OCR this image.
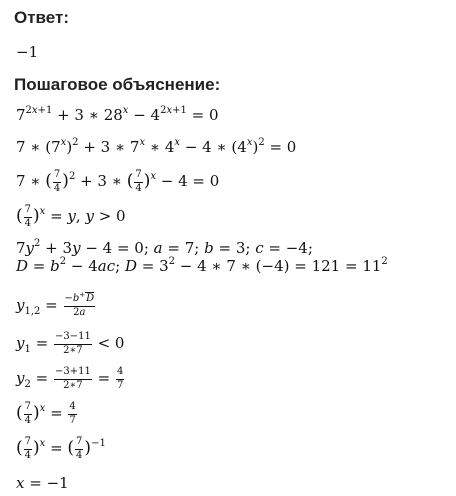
Ответ:
−1
Пошаговое объяснение:
$7^{2x+1} + 3$ ∗ $28^x - 4^{2x+1} = 0$
7 ∗ $(7^x)^2 + 3$ ∗ 7$^x$ ∗ $4^x - 4$ ∗ $(4^x)^2 = 0$
7 ∗ ( $\frac{7}{4} )^2 + 3$ ∗ ( $\frac{7}{4} )^x - 4 = 0$
( $\frac{7}{4} )^x = y$, y > 0
$7y^2 + 3y - 4 = 0$; a = 7; b = 3; c = −4;
$D = b^2 - 4ac$; $D = 3^2 - 4$ ∗ 7 ∗ $(-4) = 121 = 11^2$
$y_{1,2} = \frac{-b^+D}{2a}$
$y_1 = \frac{-3-11}{2∗7} < 0$
$y_2 = \frac{-3+11}{2∗7} = \frac{4}{7}$
( $\frac{7}{4} )^x = \frac{4}{7}$
( $\frac{7}{4} )^x$ = ( $\frac{7}{4} )^{-1}$
x = −1
